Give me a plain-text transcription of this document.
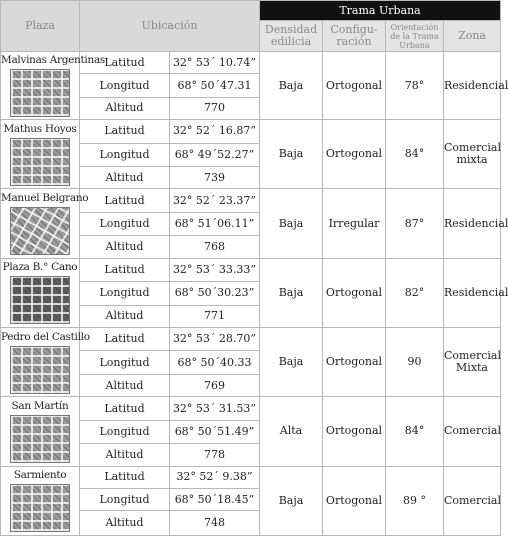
Plaza	Ubicación		Trama Urbana			
			Densidad edilicia	Configu-ración	Orientación de la Trama Urbana	Zona

Malvinas Argentinas	Latitud	32° 53´ 10.74”	Baja	Ortogonal	78°	Residencial
	Longitud	68° 50´47.31				
	Altitud	770				

Mathus Hoyos	Latitud	32° 52´ 16.87”	Baja	Ortogonal	84°	Comercial mixta
	Longitud	68° 49´52.27”				
	Altitud	739				

Manuel Belgrano	Latitud	32° 52´ 23.37”	Baja	Irregular	87°	Residencial
	Longitud	68° 51´06.11”				
	Altitud	768				

Plaza B.° Cano	Latitud	32° 53´ 33.33”	Baja	Ortogonal	82°	Residencial
	Longitud	68° 50´30.23”				
	Altitud	771				

Pedro del Castillo	Latitud	32° 53´ 28.70”	Baja	Ortogonal	90	Comercial Mixta
	Longitud	68° 50´40.33				
	Altitud	769				

San Martín	Latitud	32° 53´ 31.53”	Alta	Ortogonal	84°	Comercial
	Longitud	68° 50´51.49”				
	Altitud	778				

Sarmiento	Latitud	32° 52´ 9.38”	Baja	Ortogonal	89 °	Comercial
	Longitud	68° 50´18.45”				
	Altitud	748				
